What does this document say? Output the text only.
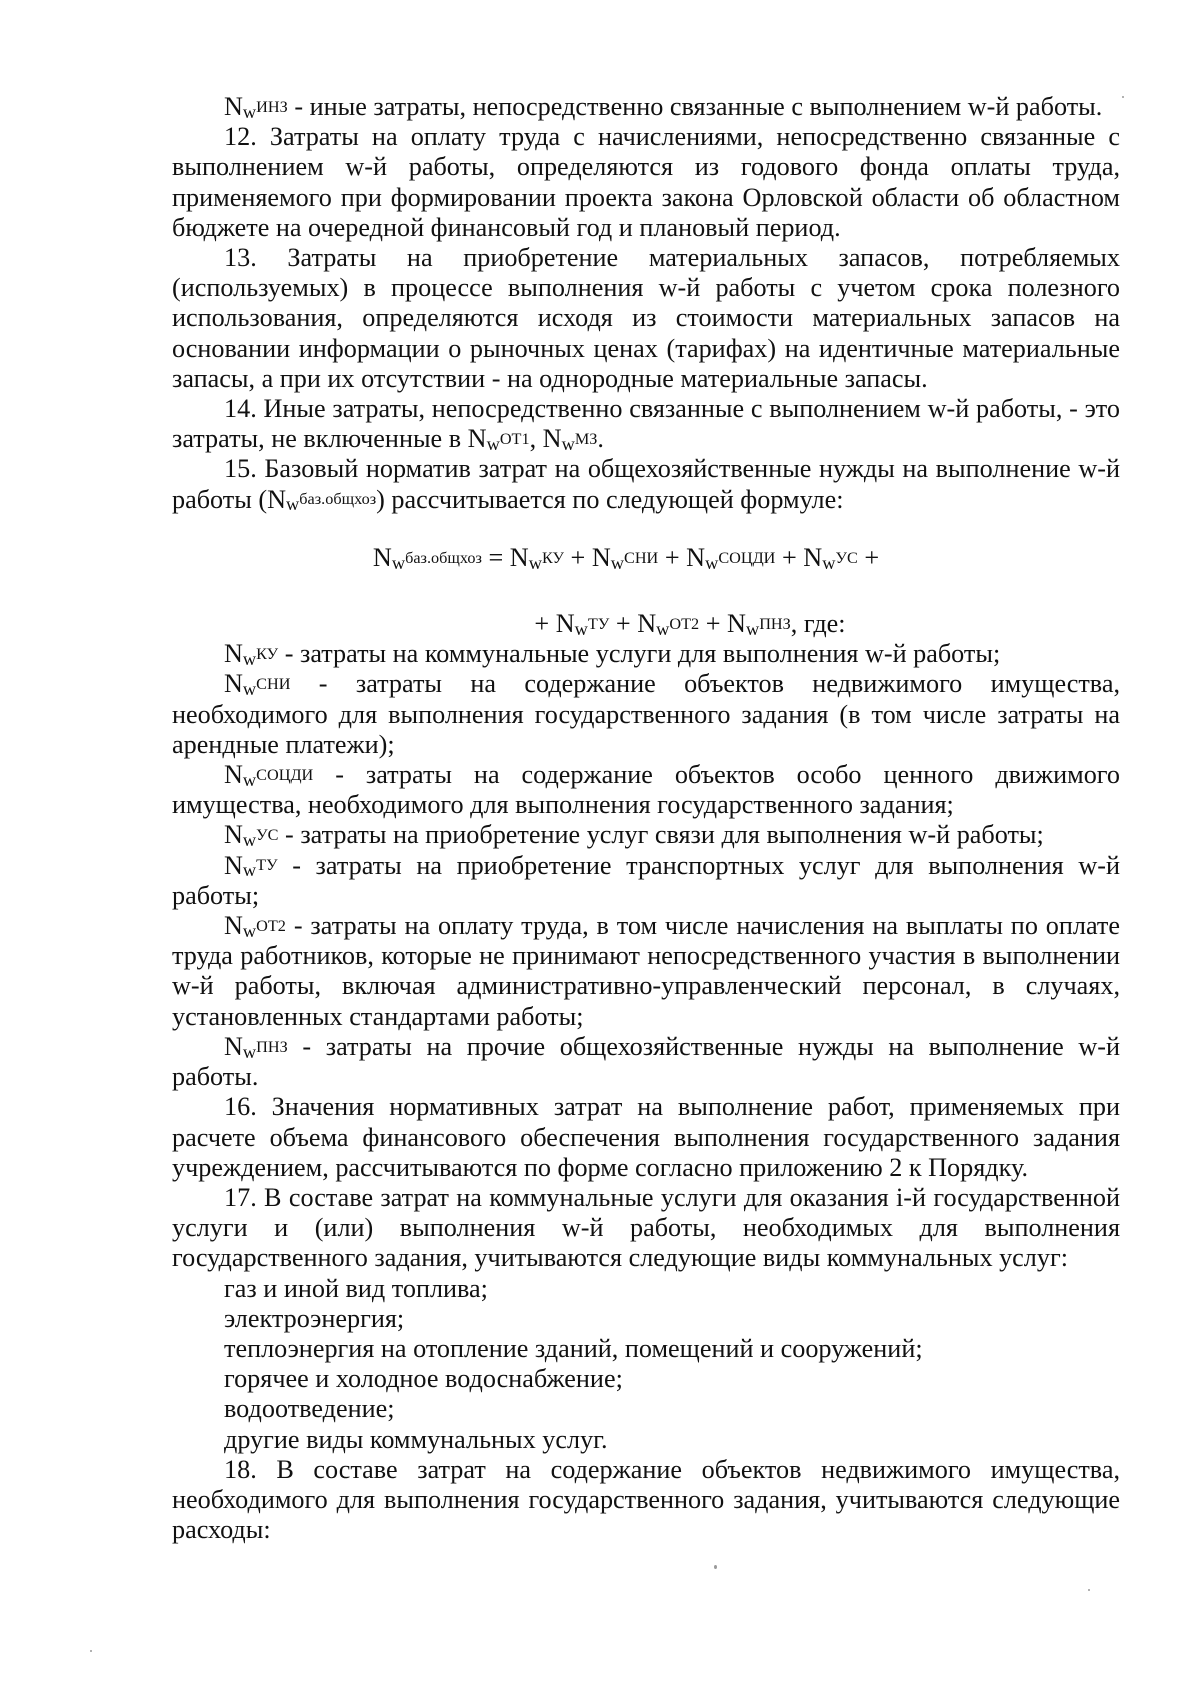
$N_w^{ИНЗ}$ - иные затраты, непосредственно связанные с выполнением w-й работы.

12. Затраты на оплату труда с начислениями, непосредственно связанные с выполнением w-й работы, определяются из годового фонда оплаты труда, применяемого при формировании проекта закона Орловской области об областном бюджете на очередной финансовый год и плановый период.

13. Затраты на приобретение материальных запасов, потребляемых (используемых) в процессе выполнения w-й работы с учетом срока полезного использования, определяются исходя из стоимости материальных запасов на основании информации о рыночных ценах (тарифах) на идентичные материальные запасы, а при их отсутствии - на однородные материальные запасы.

14. Иные затраты, непосредственно связанные с выполнением w-й работы, - это затраты, не включенные в $N_w^{ОТ1}$, $N_w^{МЗ}$.

15. Базовый норматив затрат на общехозяйственные нужды на выполнение w-й работы $(N_w^{баз.общхоз})$ рассчитывается по следующей формуле:

$N_w^{баз.общхоз} = N_w^{КУ} + N_w^{СНИ} + N_w^{СОЦДИ} + N_w^{УС}$ +
+ $N_w^{ТУ} + N_w^{ОТ2} + N_w^{ПНЗ}$, где:

$N_w^{КУ}$ - затраты на коммунальные услуги для выполнения w-й работы;

$N_w^{СНИ}$ - затраты на содержание объектов недвижимого имущества, необходимого для выполнения государственного задания (в том числе затраты на арендные платежи);

$N_w^{СОЦДИ}$ - затраты на содержание объектов особо ценного движимого имущества, необходимого для выполнения государственного задания;

$N_w^{УС}$ - затраты на приобретение услуг связи для выполнения w-й работы;

$N_w^{ТУ}$ - затраты на приобретение транспортных услуг для выполнения w-й работы;

$N_w^{ОТ2}$ - затраты на оплату труда, в том числе начисления на выплаты по оплате труда работников, которые не принимают непосредственного участия в выполнении w-й работы, включая административно-управленческий персонал, в случаях, установленных стандартами работы;

$N_w^{ПНЗ}$ - затраты на прочие общехозяйственные нужды на выполнение w-й работы.

16. Значения нормативных затрат на выполнение работ, применяемых при расчете объема финансового обеспечения выполнения государственного задания учреждением, рассчитываются по форме согласно приложению 2 к Порядку.

17. В составе затрат на коммунальные услуги для оказания i-й государственной услуги и (или) выполнения w-й работы, необходимых для выполнения государственного задания, учитываются следующие виды коммунальных услуг:

газ и иной вид топлива;

электроэнергия;

теплоэнергия на отопление зданий, помещений и сооружений;

горячее и холодное водоснабжение;

водоотведение;

другие виды коммунальных услуг.

18. В составе затрат на содержание объектов недвижимого имущества, необходимого для выполнения государственного задания, учитываются следующие расходы:
